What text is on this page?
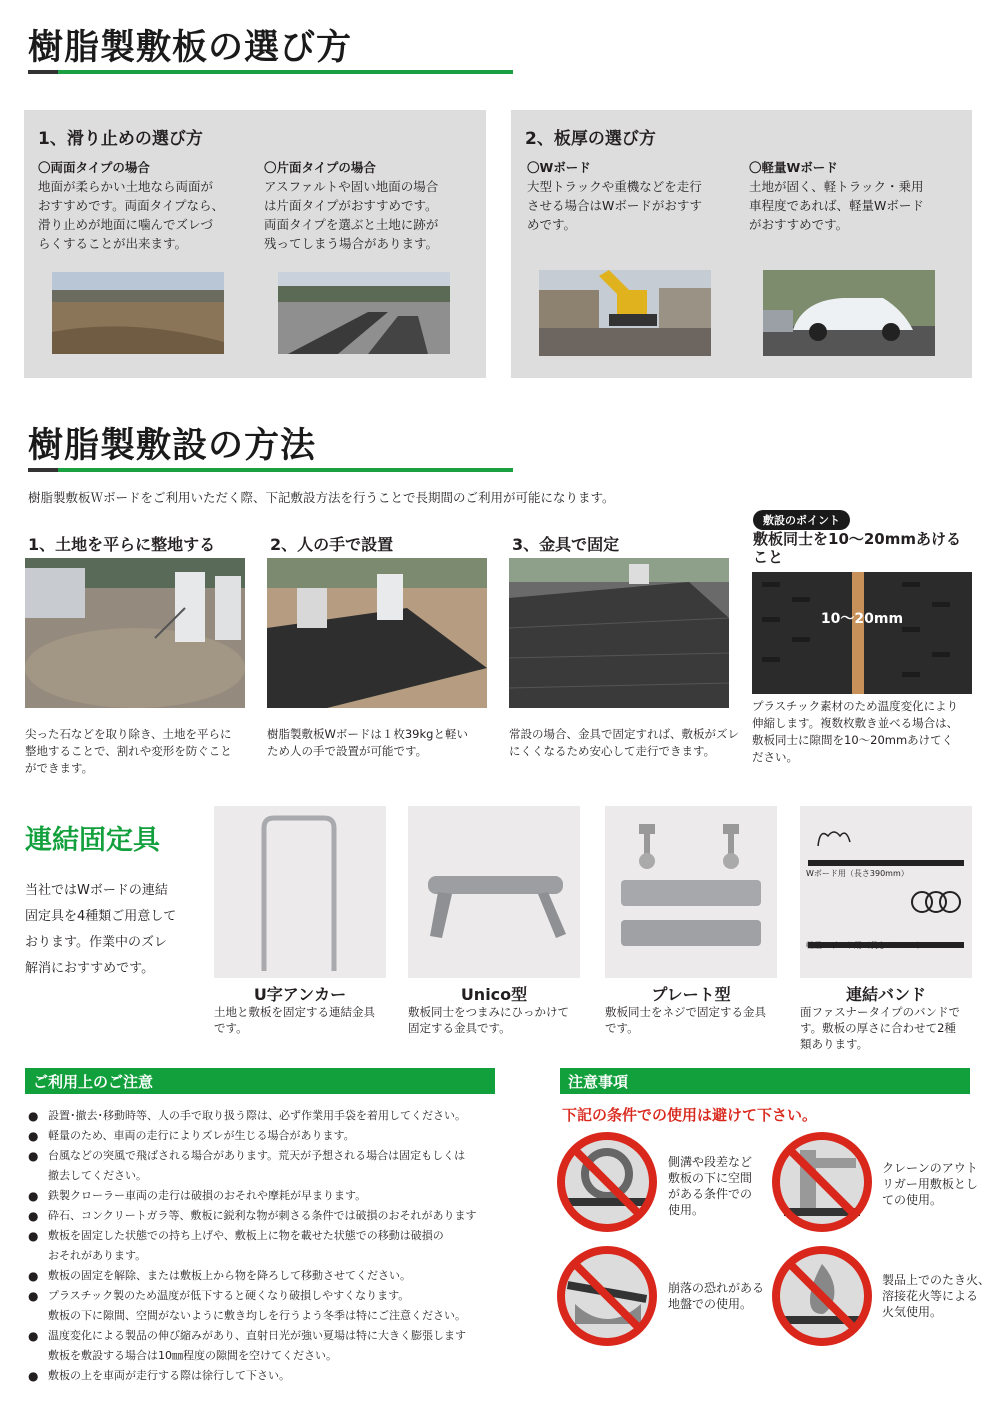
樹脂製敷板の選び方
1、滑り止めの選び方
〇両面タイプの場合
地面が柔らかい土地なら両面が
おすすめです。両面タイプなら、
滑り止めが地面に噛んでズレづ
らくすることが出来ます。
〇片面タイプの場合
アスファルトや固い地面の場合
は片面タイプがおすすめです。
両面タイプを選ぶと土地に跡が
残ってしまう場合があります。
2、板厚の選び方
〇Wボード
大型トラックや重機などを走行
させる場合はWボードがおすす
めです。
〇軽量Wボード
土地が固く、軽トラック・乗用
車程度であれば、軽量Wボード
がおすすめです。
樹脂製敷設の方法
樹脂製敷板Ｗボードをご利用いただく際、下記敷設方法を行うことで長期間のご利用が可能になります。
1、土地を平らに整地する
尖った石などを取り除き、土地を平らに
整地することで、割れや変形を防ぐこと
ができます。
2、人の手で設置
樹脂製敷板Wボードは１枚39kgと軽い
ため人の手で設置が可能です。
3、金具で固定
常設の場合、金具で固定すれば、敷板がズレ
にくくなるため安心して走行できます。
敷設のポイント
敷板同士を10～20mmあける
こと
10～20mm
プラスチック素材のため温度変化により
伸縮します。複数枚敷き並べる場合は、
敷板同士に隙間を10～20mmあけてく
ださい。
連結固定具
当社ではWボードの連結
固定具を4種類ご用意して
おります。作業中のズレ
解消におすすめです。
U字アンカー
土地と敷板を固定する連結金具
です。
Unico型
敷板同士をつまみにひっかけて
固定する金具です。
プレート型
敷板同士をネジで固定する金具
です。
Wボード用（長さ390mm）
軽量Wボード用（長さ360mm）
連結バンド
面ファスナータイプのバンドで
す。敷板の厚さに合わせて2種
類あります。
ご利用上のご注意
● 設置･撤去･移動時等、人の手で取り扱う際は、必ず作業用手袋を着用してください。
● 軽量のため、車両の走行によりズレが生じる場合があります。
● 台風などの突風で飛ばされる場合があります。荒天が予想される場合は固定もしくは
撤去してください。
● 鉄製クローラー車両の走行は破損のおそれや摩耗が早まります。
● 砕石、コンクリートガラ等、敷板に鋭利な物が刺さる条件では破損のおそれがあります
● 敷板を固定した状態での持ち上げや、敷板上に物を載せた状態での移動は破損の
おそれがあります。
● 敷板の固定を解除、または敷板上から物を降ろして移動させてください。
● プラスチック製のため温度が低下すると硬くなり破損しやすくなります。
敷板の下に隙間、空間がないように敷き均しを行うよう冬季は特にご注意ください。
● 温度変化による製品の伸び縮みがあり、直射日光が強い夏場は特に大きく膨張します
敷板を敷設する場合は10㎜程度の隙間を空けてください。
● 敷板の上を車両が走行する際は徐行して下さい。
注意事項
下記の条件での使用は避けて下さい。
側溝や段差など
敷板の下に空間
がある条件での
使用。
クレーンのアウト
リガー用敷板とし
ての使用。
崩落の恐れがある
地盤での使用。
製品上でのたき火、
溶接花火等による
火気使用。
